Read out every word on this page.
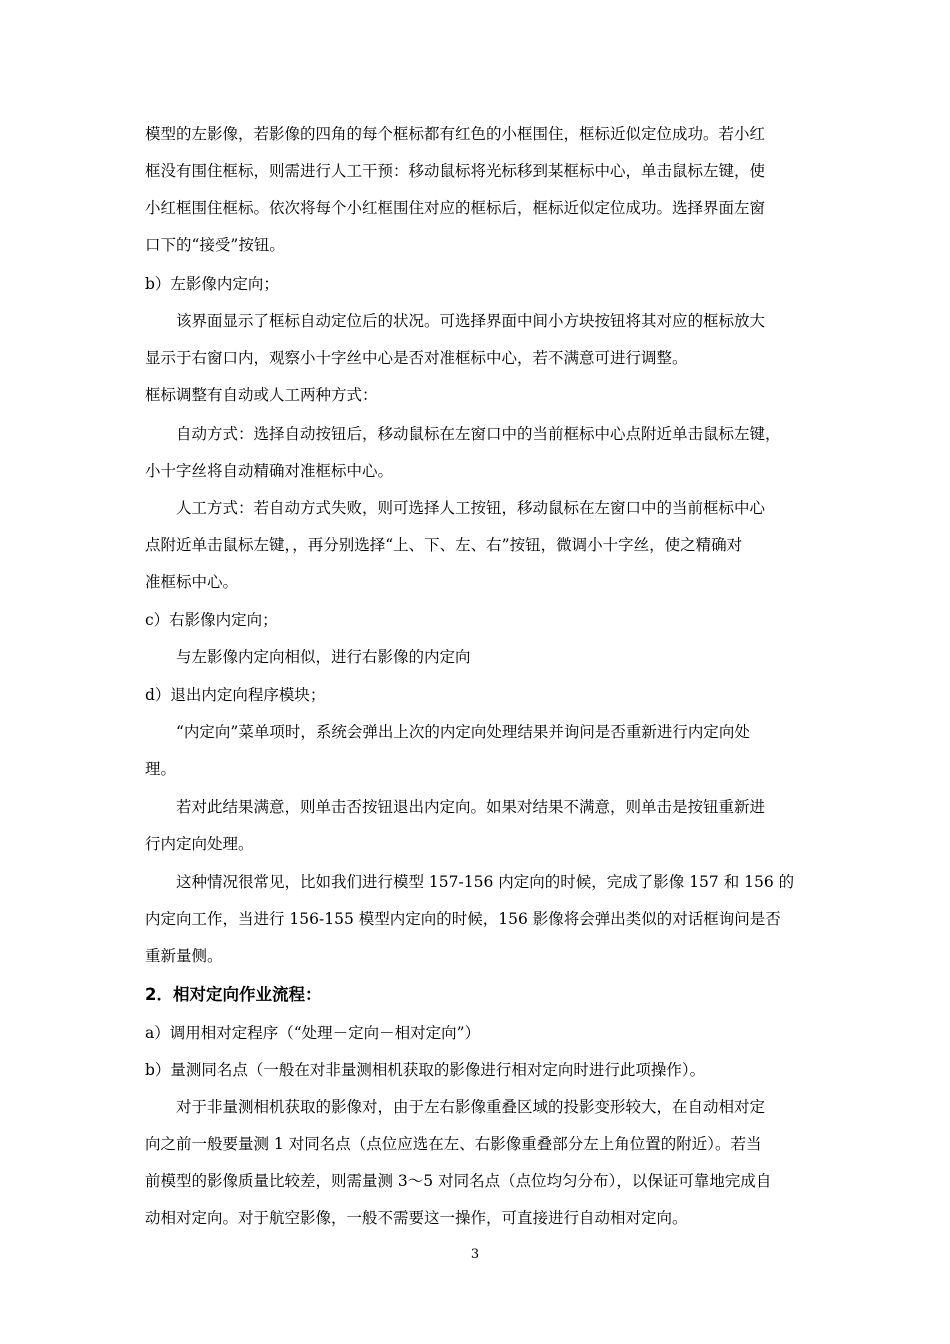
模型的左影像，若影像的四角的每个框标都有红色的小框围住，框标近似定位成功。若小红
框没有围住框标，则需进行人工干预：移动鼠标将光标移到某框标中心，单击鼠标左键，使
小红框围住框标。依次将每个小红框围住对应的框标后，框标近似定位成功。选择界面左窗
口下的“接受”按钮。
b）左影像内定向；
该界面显示了框标自动定位后的状况。可选择界面中间小方块按钮将其对应的框标放大
显示于右窗口内，观察小十字丝中心是否对准框标中心，若不满意可进行调整。
框标调整有自动或人工两种方式：
自动方式：选择自动按钮后，移动鼠标在左窗口中的当前框标中心点附近单击鼠标左键，
小十字丝将自动精确对准框标中心。
人工方式：若自动方式失败，则可选择人工按钮，移动鼠标在左窗口中的当前框标中心
点附近单击鼠标左键，，再分别选择“上、下、左、右”按钮，微调小十字丝，使之精确对
准框标中心。
c）右影像内定向；
与左影像内定向相似，进行右影像的内定向
d）退出内定向程序模块；
“内定向”菜单项时，系统会弹出上次的内定向处理结果并询问是否重新进行内定向处
理。
若对此结果满意，则单击否按钮退出内定向。如果对结果不满意，则单击是按钮重新进
行内定向处理。
这种情况很常见，比如我们进行模型 157-156 内定向的时候，完成了影像 157 和 156 的
内定向工作，当进行 156-155 模型内定向的时候，156 影像将会弹出类似的对话框询问是否
重新量侧。
2．相对定向作业流程：
a）调用相对定程序（“处理－定向－相对定向”）
b）量测同名点（一般在对非量测相机获取的影像进行相对定向时进行此项操作）。
对于非量测相机获取的影像对，由于左右影像重叠区域的投影变形较大，在自动相对定
向之前一般要量测 1 对同名点（点位应选在左、右影像重叠部分左上角位置的附近）。若当
前模型的影像质量比较差，则需量测 3～5 对同名点（点位均匀分布），以保证可靠地完成自
动相对定向。对于航空影像，一般不需要这一操作，可直接进行自动相对定向。
3
